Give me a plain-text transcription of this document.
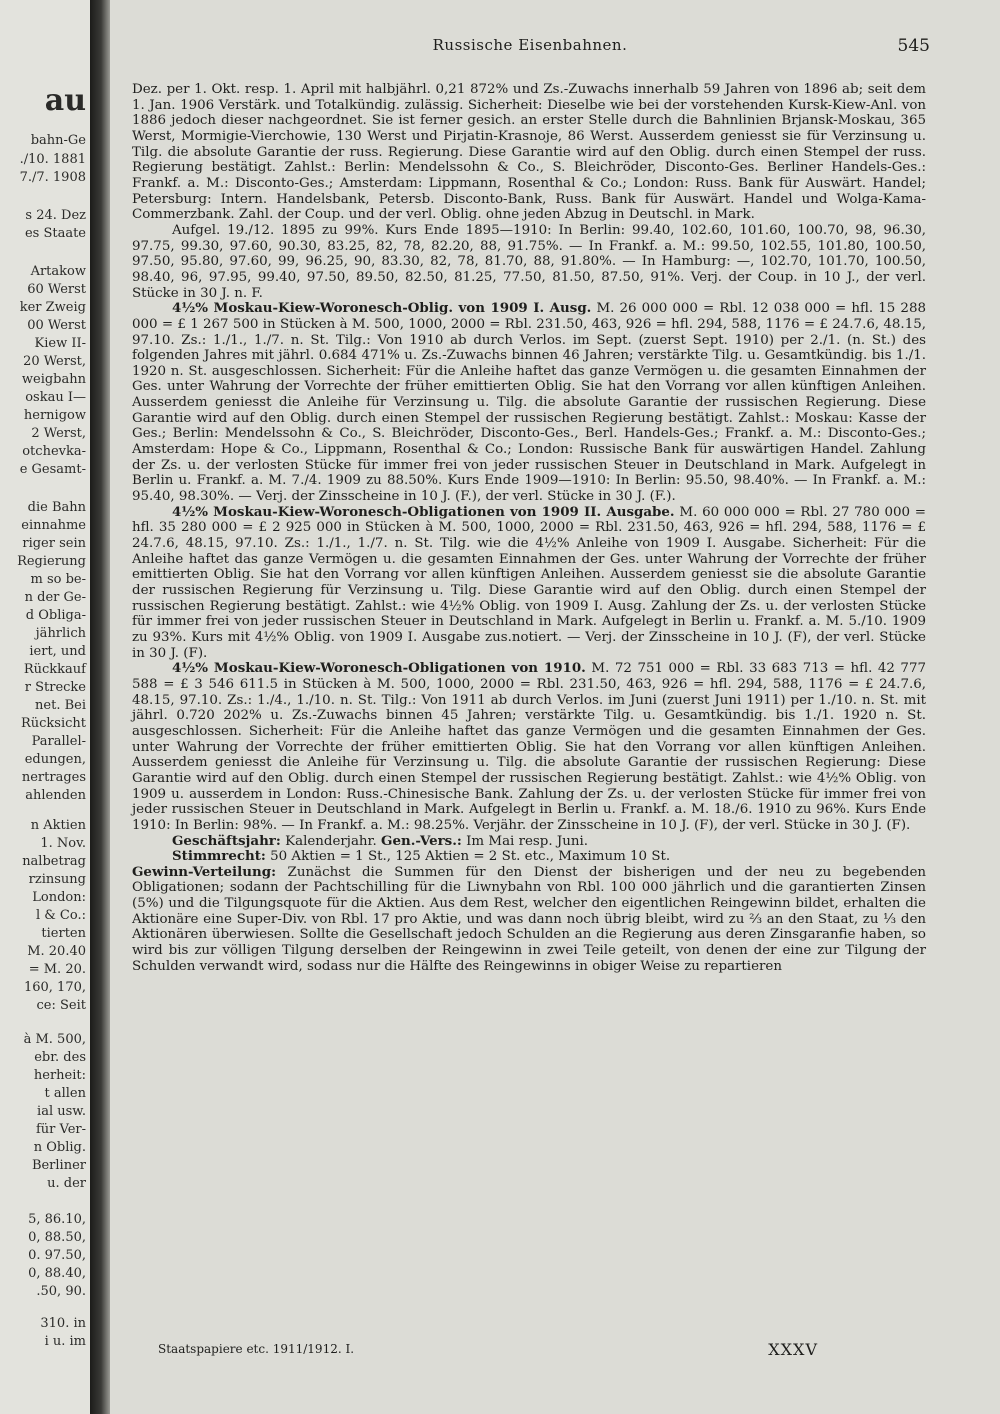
au
bahn-Ge
./10. 1881
7./7. 1908
s 24. Dez
es Staate
Artakow
60 Werst
ker Zweig
00 Werst
Kiew II-
20 Werst,
weigbahn
oskau I—
hernigow
2 Werst,
otchevka-
e Gesamt-
die Bahn
einnahme
riger sein
Regierung
m so be-
n der Ge-
d Obliga-
jährlich
iert, und
Rückkauf
r Strecke
net. Bei
Rücksicht
Parallel-
edungen,
nertrages
ahlenden
n Aktien
1. Nov.
nalbetrag
rzinsung
London:
l & Co.:
tierten
M. 20.40
= M. 20.
160, 170,
ce: Seit
à M. 500,
ebr. des
herheit:
t allen
ial usw.
für Ver-
n Oblig.
Berliner
u. der
5, 86.10,
0, 88.50,
0. 97.50,
0, 88.40,
.50, 90.
310. in
i u. im
Russische Eisenbahnen.	545

Dez. per 1. Okt. resp. 1. April mit halbjährl. 0,21 872% und Zs.-Zuwachs innerhalb 59 Jahren von 1896 ab; seit dem 1. Jan. 1906 Verstärk. und Totalkündig. zulässig. Sicherheit: Dieselbe wie bei der vorstehenden Kursk-Kiew-Anl. von 1886 jedoch dieser nachgeordnet. Sie ist ferner gesich. an erster Stelle durch die Bahnlinien Brjansk-Moskau, 365 Werst, Mormigie-Vierchowie, 130 Werst und Pirjatin-Krasnoje, 86 Werst. Ausserdem geniesst sie für Verzinsung u. Tilg. die absolute Garantie der russ. Regierung. Diese Garantie wird auf den Oblig. durch einen Stempel der russ. Regierung bestätigt. Zahlst.: Berlin: Mendelssohn & Co., S. Bleichröder, Disconto-Ges. Berliner Handels-Ges.: Frankf. a. M.: Disconto-Ges.; Amsterdam: Lippmann, Rosenthal & Co.; London: Russ. Bank für Auswärt. Handel; Petersburg: Intern. Handelsbank, Petersb. Disconto-Bank, Russ. Bank für Auswärt. Handel und Wolga-Kama-Commerzbank. Zahl. der Coup. und der verl. Oblig. ohne jeden Abzug in Deutschl. in Mark.

Aufgel. 19./12. 1895 zu 99%. Kurs Ende 1895—1910: In Berlin: 99.40, 102.60, 101.60, 100.70, 98, 96.30, 97.75, 99.30, 97.60, 90.30, 83.25, 82, 78, 82.20, 88, 91.75%. — In Frankf. a. M.: 99.50, 102.55, 101.80, 100.50, 97.50, 95.80, 97.60, 99, 96.25, 90, 83.30, 82, 78, 81.70, 88, 91.80%. — In Hamburg: —, 102.70, 101.70, 100.50, 98.40, 96, 97.95, 99.40, 97.50, 89.50, 82.50, 81.25, 77.50, 81.50, 87.50, 91%. Verj. der Coup. in 10 J., der verl. Stücke in 30 J. n. F.

4½% Moskau-Kiew-Woronesch-Oblig. von 1909 I. Ausg. M. 26 000 000 = Rbl. 12 038 000 = hfl. 15 288 000 = £ 1 267 500 in Stücken à M. 500, 1000, 2000 = Rbl. 231.50, 463, 926 = hfl. 294, 588, 1176 = £ 24.7.6, 48.15, 97.10. Zs.: 1./1., 1./7. n. St. Tilg.: Von 1910 ab durch Verlos. im Sept. (zuerst Sept. 1910) per 2./1. (n. St.) des folgenden Jahres mit jährl. 0.684 471% u. Zs.-Zuwachs binnen 46 Jahren; verstärkte Tilg. u. Gesamtkündig. bis 1./1. 1920 n. St. ausgeschlossen. Sicherheit: Für die Anleihe haftet das ganze Vermögen u. die gesamten Einnahmen der Ges. unter Wahrung der Vorrechte der früher emittierten Oblig. Sie hat den Vorrang vor allen künftigen Anleihen. Ausserdem geniesst die Anleihe für Verzinsung u. Tilg. die absolute Garantie der russischen Regierung. Diese Garantie wird auf den Oblig. durch einen Stempel der russischen Regierung bestätigt. Zahlst.: Moskau: Kasse der Ges.; Berlin: Mendelssohn & Co., S. Bleichröder, Disconto-Ges., Berl. Handels-Ges.; Frankf. a. M.: Disconto-Ges.; Amsterdam: Hope & Co., Lippmann, Rosenthal & Co.; London: Russische Bank für auswärtigen Handel. Zahlung der Zs. u. der verlosten Stücke für immer frei von jeder russischen Steuer in Deutschland in Mark. Aufgelegt in Berlin u. Frankf. a. M. 7./4. 1909 zu 88.50%. Kurs Ende 1909—1910: In Berlin: 95.50, 98.40%. — In Frankf. a. M.: 95.40, 98.30%. — Verj. der Zinsscheine in 10 J. (F.), der verl. Stücke in 30 J. (F.).

4½% Moskau-Kiew-Woronesch-Obligationen von 1909 II. Ausgabe. M. 60 000 000 = Rbl. 27 780 000 = hfl. 35 280 000 = £ 2 925 000 in Stücken à M. 500, 1000, 2000 = Rbl. 231.50, 463, 926 = hfl. 294, 588, 1176 = £ 24.7.6, 48.15, 97.10. Zs.: 1./1., 1./7. n. St. Tilg. wie die 4½% Anleihe von 1909 I. Ausgabe. Sicherheit: Für die Anleihe haftet das ganze Vermögen u. die gesamten Einnahmen der Ges. unter Wahrung der Vorrechte der früher emittierten Oblig. Sie hat den Vorrang vor allen künftigen Anleihen. Ausserdem geniesst sie die absolute Garantie der russischen Regierung für Verzinsung u. Tilg. Diese Garantie wird auf den Oblig. durch einen Stempel der russischen Regierung bestätigt. Zahlst.: wie 4½% Oblig. von 1909 I. Ausg. Zahlung der Zs. u. der verlosten Stücke für immer frei von jeder russischen Steuer in Deutschland in Mark. Aufgelegt in Berlin u. Frankf. a. M. 5./10. 1909 zu 93%. Kurs mit 4½% Oblig. von 1909 I. Ausgabe zus.notiert. — Verj. der Zinsscheine in 10 J. (F), der verl. Stücke in 30 J. (F).

4½% Moskau-Kiew-Woronesch-Obligationen von 1910. M. 72 751 000 = Rbl. 33 683 713 = hfl. 42 777 588 = £ 3 546 611.5 in Stücken à M. 500, 1000, 2000 = Rbl. 231.50, 463, 926 = hfl. 294, 588, 1176 = £ 24.7.6, 48.15, 97.10. Zs.: 1./4., 1./10. n. St. Tilg.: Von 1911 ab durch Verlos. im Juni (zuerst Juni 1911) per 1./10. n. St. mit jährl. 0.720 202% u. Zs.-Zuwachs binnen 45 Jahren; verstärkte Tilg. u. Gesamtkündig. bis 1./1. 1920 n. St. ausgeschlossen. Sicherheit: Für die Anleihe haftet das ganze Vermögen und die gesamten Einnahmen der Ges. unter Wahrung der Vorrechte der früher emittierten Oblig. Sie hat den Vorrang vor allen künftigen Anleihen. Ausserdem geniesst die Anleihe für Verzinsung u. Tilg. die absolute Garantie der russischen Regierung: Diese Garantie wird auf den Oblig. durch einen Stempel der russischen Regierung bestätigt. Zahlst.: wie 4½% Oblig. von 1909 u. ausserdem in London: Russ.-Chinesische Bank. Zahlung der Zs. u. der verlosten Stücke für immer frei von jeder russischen Steuer in Deutschland in Mark. Aufgelegt in Berlin u. Frankf. a. M. 18./6. 1910 zu 96%. Kurs Ende 1910: In Berlin: 98%. — In Frankf. a. M.: 98.25%. Verjähr. der Zinsscheine in 10 J. (F), der verl. Stücke in 30 J. (F).

Geschäftsjahr: Kalenderjahr. Gen.-Vers.: Im Mai resp. Juni.

Stimmrecht: 50 Aktien = 1 St., 125 Aktien = 2 St. etc., Maximum 10 St.

Gewinn-Verteilung: Zunächst die Summen für den Dienst der bisherigen und der neu zu begebenden Obligationen; sodann der Pachtschilling für die Liwnybahn von Rbl. 100 000 jährlich und die garantierten Zinsen (5%) und die Tilgungsquote für die Aktien. Aus dem Rest, welcher den eigentlichen Reingewinn bildet, erhalten die Aktionäre eine Super-Div. von Rbl. 17 pro Aktie, und was dann noch übrig bleibt, wird zu ⅔ an den Staat, zu ⅓ den Aktionären überwiesen. Sollte die Gesellschaft jedoch Schulden an die Regierung aus deren Zinsgaranfie haben, so wird bis zur völligen Tilgung derselben der Reingewinn in zwei Teile geteilt, von denen der eine zur Tilgung der Schulden verwandt wird, sodass nur die Hälfte des Reingewinns in obiger Weise zu repartieren

Staatspapiere etc. 1911/1912. I.	XXXV
